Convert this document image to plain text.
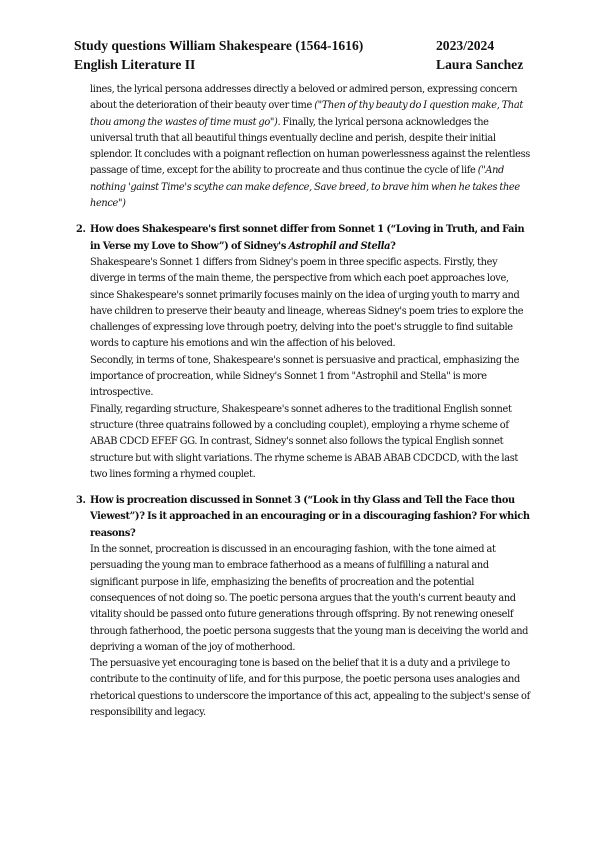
Study questions William Shakespeare (1564-1616)	2023/2024
English Literature II	Laura Sanchez

lines, the lyrical persona addresses directly a beloved or admired person, expressing concern about the deterioration of their beauty over time ("Then of thy beauty do I question make, That thou among the wastes of time must go"). Finally, the lyrical persona acknowledges the universal truth that all beautiful things eventually decline and perish, despite their initial splendor. It concludes with a poignant reflection on human powerlessness against the relentless passage of time, except for the ability to procreate and thus continue the cycle of life ("And nothing 'gainst Time's scythe can make defence, Save breed, to brave him when he takes thee hence")

2. How does Shakespeare's first sonnet differ from Sonnet 1 (“Loving in Truth, and Fain in Verse my Love to Show”) of Sidney's Astrophil and Stella?

Shakespeare's Sonnet 1 differs from Sidney's poem in three specific aspects. Firstly, they diverge in terms of the main theme, the perspective from which each poet approaches love, since Shakespeare's sonnet primarily focuses mainly on the idea of urging youth to marry and have children to preserve their beauty and lineage, whereas Sidney's poem tries to explore the challenges of expressing love through poetry, delving into the poet's struggle to find suitable words to capture his emotions and win the affection of his beloved.

Secondly, in terms of tone, Shakespeare's sonnet is persuasive and practical, emphasizing the importance of procreation, while Sidney's Sonnet 1 from "Astrophil and Stella" is more introspective.

Finally, regarding structure, Shakespeare's sonnet adheres to the traditional English sonnet structure (three quatrains followed by a concluding couplet), employing a rhyme scheme of ABAB CDCD EFEF GG. In contrast, Sidney's sonnet also follows the typical English sonnet structure but with slight variations. The rhyme scheme is ABAB ABAB CDCDCD, with the last two lines forming a rhymed couplet.

3. How is procreation discussed in Sonnet 3 (“Look in thy Glass and Tell the Face thou Viewest”)? Is it approached in an encouraging or in a discouraging fashion? For which reasons?

In the sonnet, procreation is discussed in an encouraging fashion, with the tone aimed at persuading the young man to embrace fatherhood as a means of fulfilling a natural and significant purpose in life, emphasizing the benefits of procreation and the potential consequences of not doing so. The poetic persona argues that the youth's current beauty and vitality should be passed onto future generations through offspring. By not renewing oneself through fatherhood, the poetic persona suggests that the young man is deceiving the world and depriving a woman of the joy of motherhood.

The persuasive yet encouraging tone is based on the belief that it is a duty and a privilege to contribute to the continuity of life, and for this purpose, the poetic persona uses analogies and rhetorical questions to underscore the importance of this act, appealing to the subject's sense of responsibility and legacy.
